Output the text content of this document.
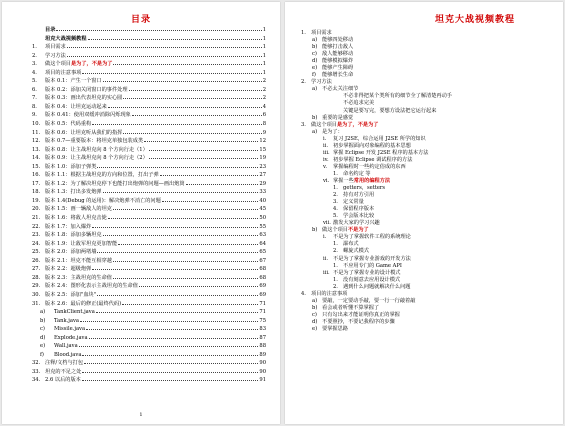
目录
目录	1
坦克大战视频教程	1
1.	项目需求	1
2.	学习方法	1
3.	做这个项目 是为了，不是为了	1
4.	项目的注意事项	1
5.	版本 0.1：产生一个窗口	2
6.	版本 0.2：添加关闭窗口的事件处理	2
7.	版本 0.3：画出代表坦克的实心圆	2
8.	版本 0.4：让坦克运动起来	4
9.	版本 0.41：使用双缓冲消除闪烁现象	6
10. 版本 0.5：代码重构	8
11. 版本 0.6：让坦克听从我们的指挥	9
12. 版本 0.7—重要版本：将坦克单独包装成类	12
13. 版本 0.8：让主战坦克向 8 个方向行走（1）	15
14. 版本 0.9：让主战坦克向 8 个方向行走（2）	19
15. 版本 1.0：添加子弹类	23
16. 版本 1.1：根据主战坦克的方向和位置，打出子弹	27
17. 版本 1.2：为了解决坦克停下也能打出炮弹的问题—画出炮筒	29
18. 版本 1.3：打出多发炮弹	33
19. 版本 1.4(Debug 的运用)：解决炮弹不消亡的问题	40
20. 版本 1.5：画一辆敌人的坦克	45
21. 版本 1.6：将敌人坦克击毙	50
22. 版本 1.7：加入爆炸	55
23. 版本 1.8：添加多辆坦克	63
24. 版本 1.9：让敌军坦克更加智能	64
25. 版本 2.0：添加两堵墙	65
26. 版本 2.1：坦克不能互相穿越	67
27. 版本 2.2：超级炮弹	68
28. 版本 2.3：主战坦克的生命值	68
29. 版本 2.4：图形化表示主战坦克的生命值	69
30. 版本 2.5：添加"血块"	69
31. 版本 2.6：最后的修正(最终代码)	71
a)	TankClient.java	71
b)	Tank.java	75
c)	Missile.java	83
d)	Explode.java	87
e)	Wall.java	88
f)	Blood.java	89
32. 注释/文档与打包	90
33. 坦克的不足之处	90
34. 2.6 以后的版本	91
1
坦克大战视频教程
1. 项目需求
a) 能够四处移动
b) 能够打击敌人
c) 敌人能够移动
d) 能够模拟爆炸
e) 能够产生障碍
f)	能够增长生命
2. 学习方法
a) 不必太关注细节
不必非得把某个类所有的细节全了解清楚再动手
不必追求完美
关键是要写完，要想方设法把它运行起来
b) 重要的是感觉
3. 做这个项目 是为了，不是为了
a) 是为了：
i.	复习 J2SE，综合运用 J2SE 所学的知识
ii. 初步掌握面向对象编程的基本思想
iii. 掌握 Eclipse 开发 J2SE 程序的基本方法
iv. 初步掌握 Eclipse 调试程序的方法
v.	掌握编程时一些约定俗成的东西
1. 命名约定 等
vi. 掌握一些 常用的编程方法
1. getters，setters
2. 持有对方引用
3. 定义常量
4. 保留程序版本
5. 学会版本比较
vii. 激发大家的学习兴趣
b) 做这个项目 不是为了
i.	不是为了掌握软件工程的系统理论
1. 瀑布式
2. 螺旋式模式
ii. 不是为了掌握专业游戏的开发方法
1. 不应用专门的 Game API
iii. 不是为了掌握专业的设计模式
1. 没有刻意去应用设计模式
2. 遇到什么问题就解决什么问题
4. 项目的注意事项
a) 要敲，一定要动手敲，要一行一行敲着敲
b) 看会或者听懂不算掌握了
c) 只有勾出来才能证明你真正的掌握
d) 不要照抄，不要记我程序的步骤
e) 要掌握思路
